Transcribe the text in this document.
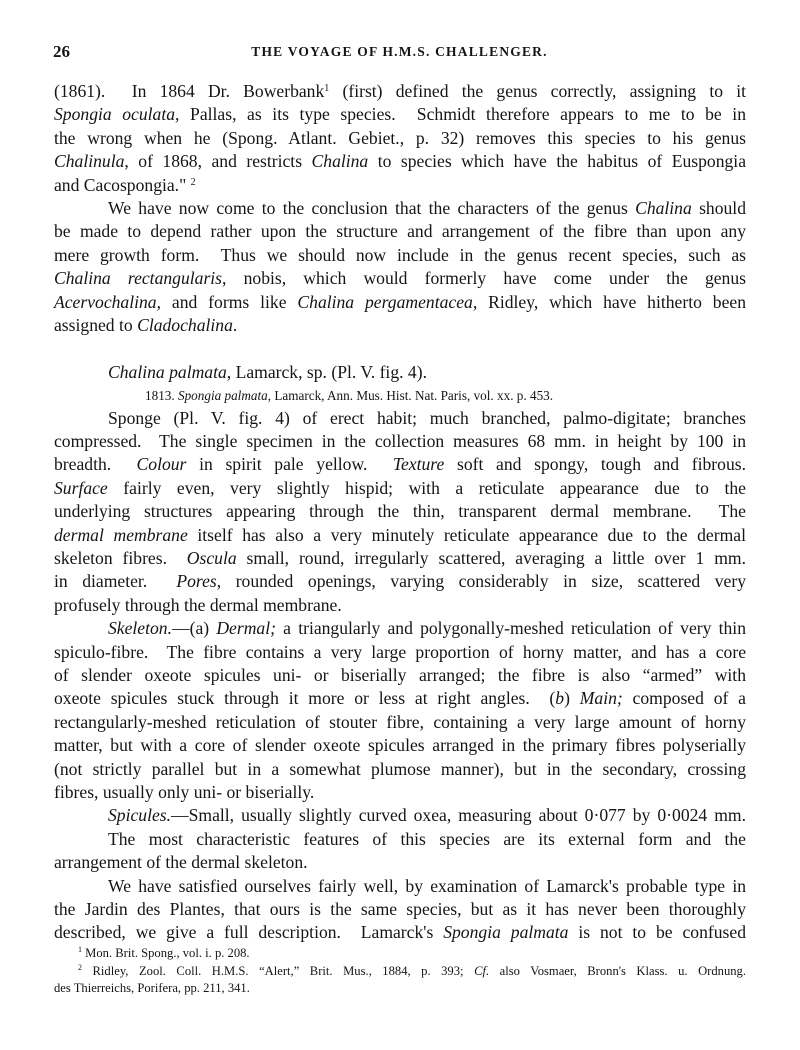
26	THE VOYAGE OF H.M.S. CHALLENGER.
(1861).  In 1864 Dr. Bowerbank$^1$ (first) defined the genus correctly, assigning to it
Spongia oculata, Pallas, as its type species.  Schmidt therefore appears to me to be in
the wrong when he (Spong. Atlant. Gebiet., p. 32) removes this species to his genus
Chalinula, of 1868, and restricts Chalina to species which have the habitus of Euspongia
and Cacospongia." $^2$
We have now come to the conclusion that the characters of the genus Chalina should
be made to depend rather upon the structure and arrangement of the fibre than upon any
mere growth form.  Thus we should now include in the genus recent species, such as
Chalina rectangularis, nobis, which would formerly have come under the genus
Acervochalina, and forms like Chalina pergamentacea, Ridley, which have hitherto been
assigned to Cladochalina.
Chalina palmata, Lamarck, sp. (Pl. V. fig. 4).
1813. Spongia palmata, Lamarck, Ann. Mus. Hist. Nat. Paris, vol. xx. p. 453.
Sponge (Pl. V. fig. 4) of erect habit; much branched, palmo-digitate; branches
compressed.  The single specimen in the collection measures 68 mm. in height by 100 in
breadth.  Colour in spirit pale yellow.  Texture soft and spongy, tough and fibrous.
Surface fairly even, very slightly hispid; with a reticulate appearance due to the
underlying structures appearing through the thin, transparent dermal membrane.  The
dermal membrane itself has also a very minutely reticulate appearance due to the dermal
skeleton fibres.  Oscula small, round, irregularly scattered, averaging a little over 1 mm.
in diameter.  Pores, rounded openings, varying considerably in size, scattered very
profusely through the dermal membrane.
Skeleton.—(a) Dermal; a triangularly and polygonally-meshed reticulation of very thin
spiculo-fibre.  The fibre contains a very large proportion of horny matter, and has a core
of slender oxeote spicules uni- or biserially arranged; the fibre is also “armed” with
oxeote spicules stuck through it more or less at right angles.  (b) Main; composed of a
rectangularly-meshed reticulation of stouter fibre, containing a very large amount of horny
matter, but with a core of slender oxeote spicules arranged in the primary fibres polyserially
(not strictly parallel but in a somewhat plumose manner), but in the secondary, crossing
fibres, usually only uni- or biserially.
Spicules.—Small, usually slightly curved oxea, measuring about 0·077 by 0·0024 mm.
The most characteristic features of this species are its external form and the
arrangement of the dermal skeleton.
We have satisfied ourselves fairly well, by examination of Lamarck's probable type in
the Jardin des Plantes, that ours is the same species, but as it has never been thoroughly
described, we give a full description.  Lamarck's Spongia palmata is not to be confused
$^1$ Mon. Brit. Spong., vol. i. p. 208.
$^2$ Ridley, Zool. Coll. H.M.S. “Alert,” Brit. Mus., 1884, p. 393; Cf. also Vosmaer, Bronn's Klass. u. Ordnung.
des Thierreichs, Porifera, pp. 211, 341.
